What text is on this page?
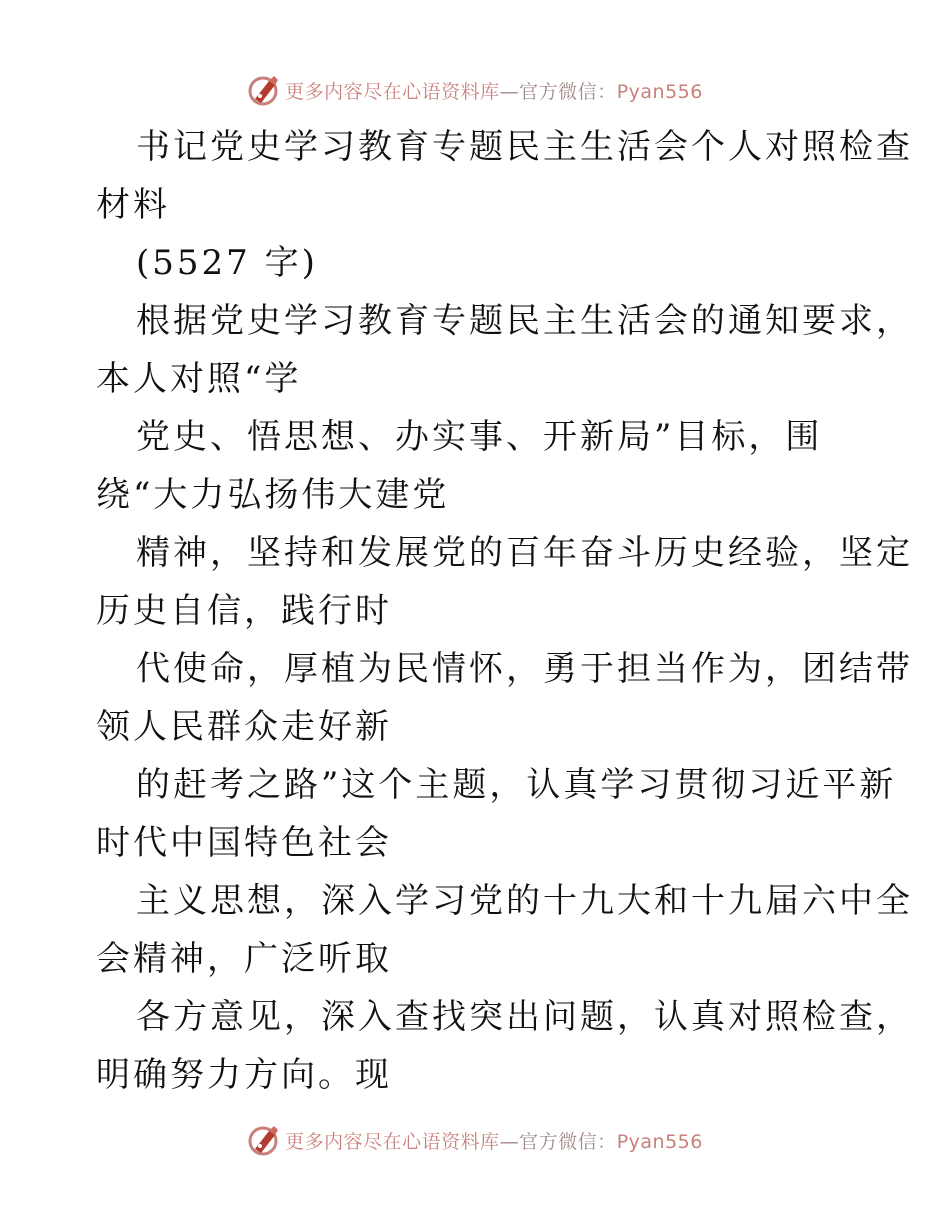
更多内容尽在心语资料库—官方微信：Pyan556
书记党史学习教育专题民主生活会个人对照检查
材料
(5527 字)
根据党史学习教育专题民主生活会的通知要求，
本人对照“学
党史、悟思想、办实事、开新局”目标，围
绕“大力弘扬伟大建党
精神，坚持和发展党的百年奋斗历史经验，坚定
历史自信，践行时
代使命，厚植为民情怀，勇于担当作为，团结带
领人民群众走好新
的赶考之路”这个主题，认真学习贯彻习近平新
时代中国特色社会
主义思想，深入学习党的十九大和十九届六中全
会精神，广泛听取
各方意见，深入查找突出问题，认真对照检查，
明确努力方向。现
更多内容尽在心语资料库—官方微信：Pyan556
